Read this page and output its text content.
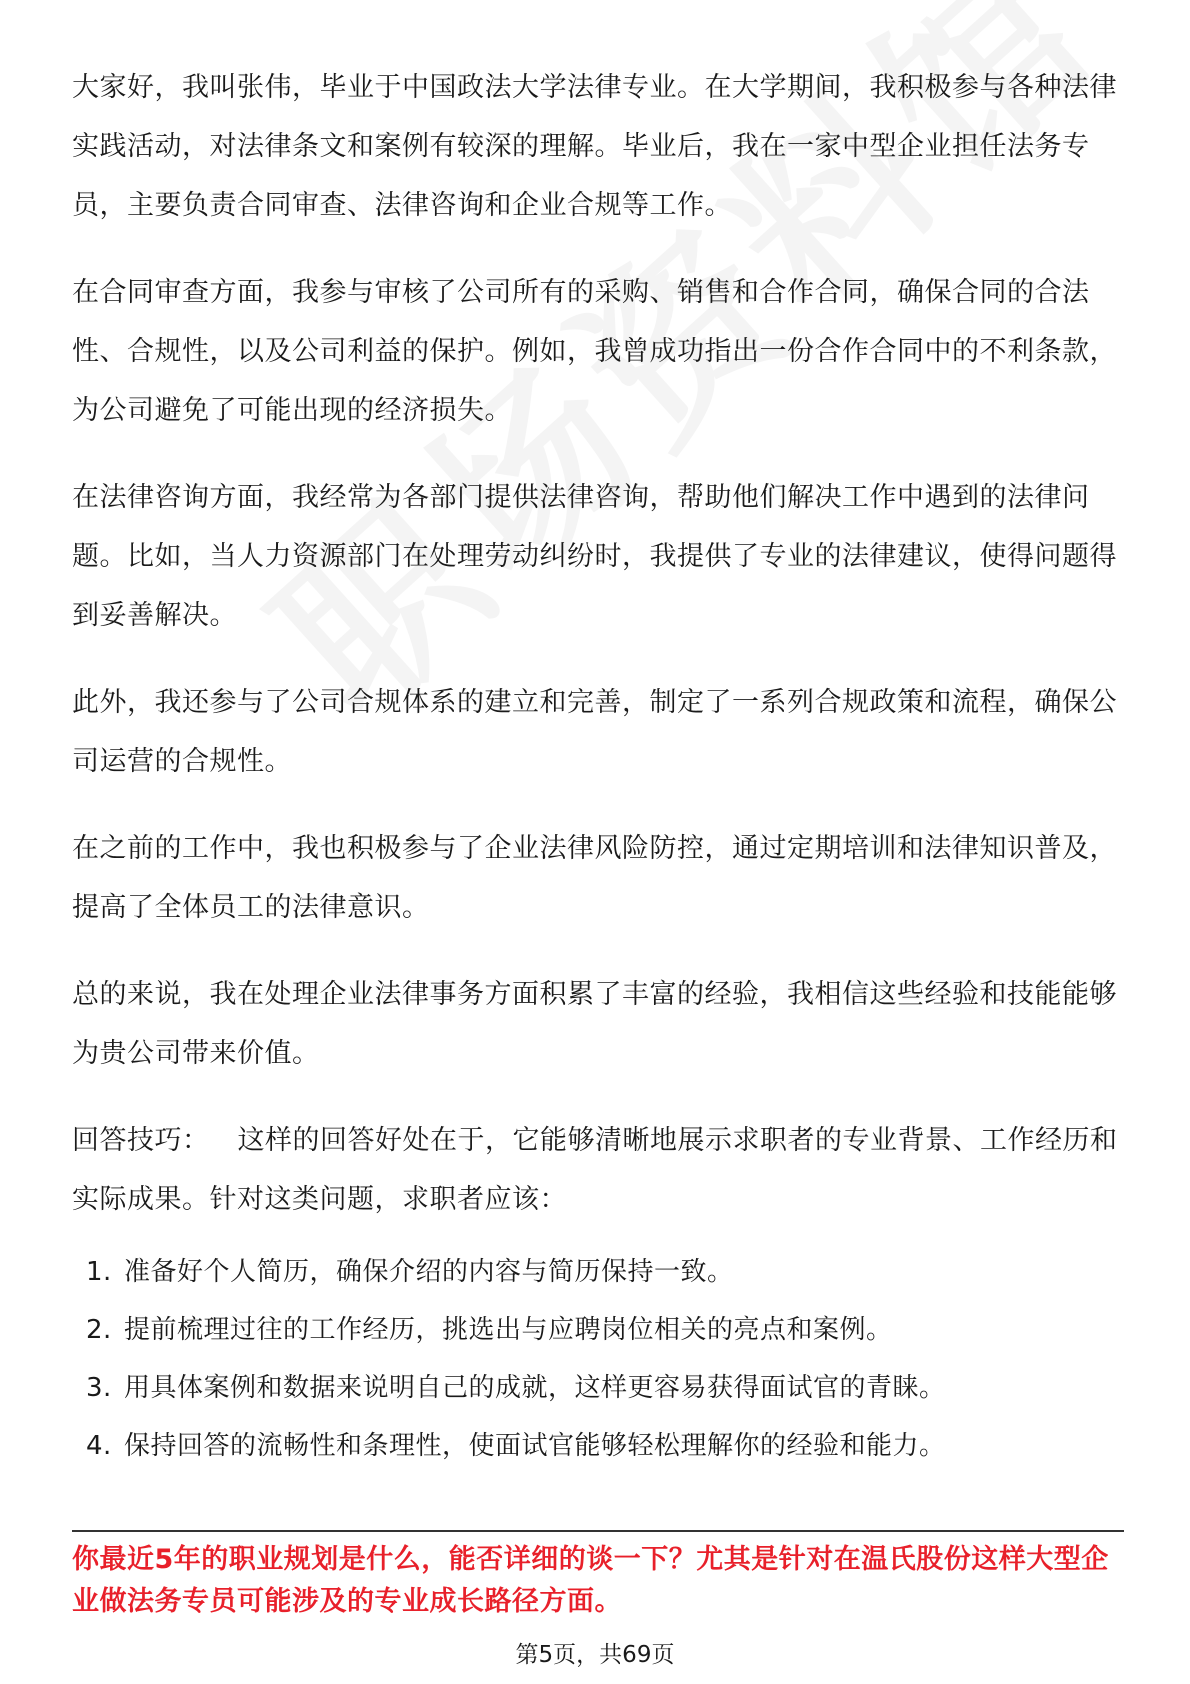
大家好，我叫张伟，毕业于中国政法大学法律专业。在大学期间，我积极参与各种法律实践活动，对法律条文和案例有较深的理解。毕业后，我在一家中型企业担任法务专员，主要负责合同审查、法律咨询和企业合规等工作。

在合同审查方面，我参与审核了公司所有的采购、销售和合作合同，确保合同的合法性、合规性，以及公司利益的保护。例如，我曾成功指出一份合作合同中的不利条款，为公司避免了可能出现的经济损失。

在法律咨询方面，我经常为各部门提供法律咨询，帮助他们解决工作中遇到的法律问题。比如，当人力资源部门在处理劳动纠纷时，我提供了专业的法律建议，使得问题得到妥善解决。

此外，我还参与了公司合规体系的建立和完善，制定了一系列合规政策和流程，确保公司运营的合规性。

在之前的工作中，我也积极参与了企业法律风险防控，通过定期培训和法律知识普及，提高了全体员工的法律意识。

总的来说，我在处理企业法律事务方面积累了丰富的经验，我相信这些经验和技能能够为贵公司带来价值。

回答技巧： 这样的回答好处在于，它能够清晰地展示求职者的专业背景、工作经历和实际成果。针对这类问题，求职者应该：

1. 准备好个人简历，确保介绍的内容与简历保持一致。
2. 提前梳理过往的工作经历，挑选出与应聘岗位相关的亮点和案例。
3. 用具体案例和数据来说明自己的成就，这样更容易获得面试官的青睐。
4. 保持回答的流畅性和条理性，使面试官能够轻松理解你的经验和能力。
你最近5年的职业规划是什么，能否详细的谈一下？尤其是针对在温氏股份这样大型企业做法务专员可能涉及的专业成长路径方面。
第5页，共69页
